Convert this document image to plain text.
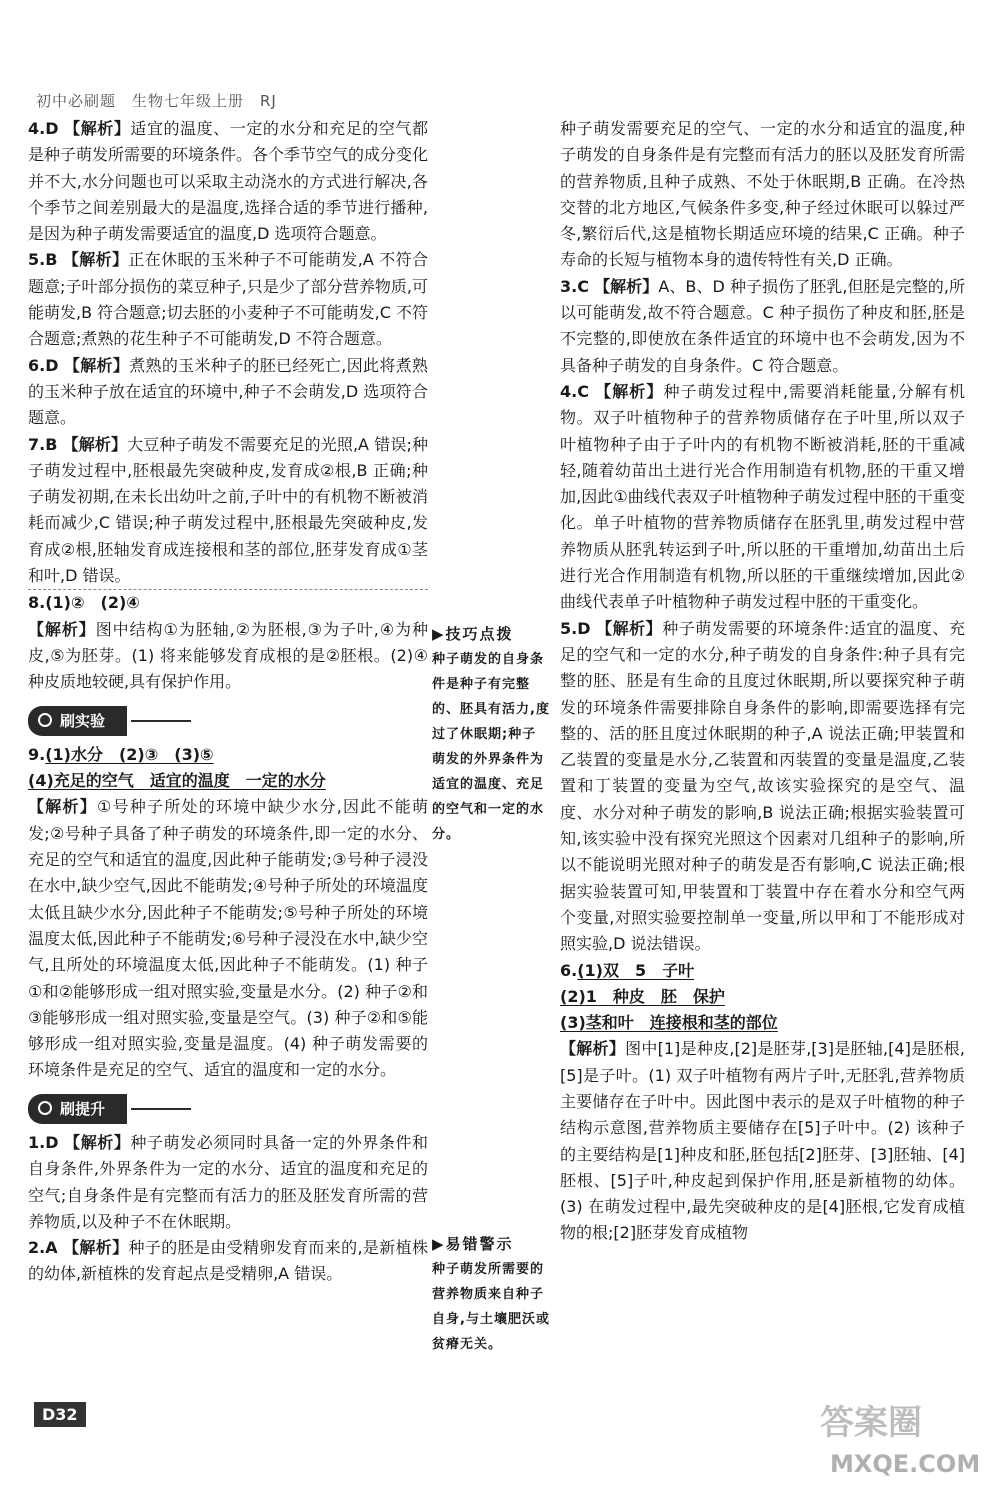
初中必刷题　生物七年级上册　RJ

4.D 【解析】适宜的温度、一定的水分和充足的空气都是种子萌发所需要的环境条件。各个季节空气的成分变化并不大,水分问题也可以采取主动浇水的方式进行解决,各个季节之间差别最大的是温度,选择合适的季节进行播种,是因为种子萌发需要适宜的温度,D 选项符合题意。

5.B 【解析】正在休眠的玉米种子不可能萌发,A 不符合题意;子叶部分损伤的菜豆种子,只是少了部分营养物质,可能萌发,B 符合题意;切去胚的小麦种子不可能萌发,C 不符合题意;煮熟的花生种子不可能萌发,D 不符合题意。

6.D 【解析】煮熟的玉米种子的胚已经死亡,因此将煮熟的玉米种子放在适宜的环境中,种子不会萌发,D 选项符合题意。

7.B 【解析】大豆种子萌发不需要充足的光照,A 错误;种子萌发过程中,胚根最先突破种皮,发育成②根,B 正确;种子萌发初期,在未长出幼叶之前,子叶中的有机物不断被消耗而减少,C 错误;种子萌发过程中,胚根最先突破种皮,发育成②根,胚轴发育成连接根和茎的部位,胚芽发育成①茎和叶,D 错误。

8.(1)②　(2)④

【解析】图中结构①为胚轴,②为胚根,③为子叶,④为种皮,⑤为胚芽。(1) 将来能够发育成根的是②胚根。(2)④种皮质地较硬,具有保护作用。

刷实验

9.(1)水分　(2)③　(3)⑤

(4)充足的空气　适宜的温度　一定的水分

【解析】①号种子所处的环境中缺少水分,因此不能萌发;②号种子具备了种子萌发的环境条件,即一定的水分、充足的空气和适宜的温度,因此种子能萌发;③号种子浸没在水中,缺少空气,因此不能萌发;④号种子所处的环境温度太低且缺少水分,因此种子不能萌发;⑤号种子所处的环境温度太低,因此种子不能萌发;⑥号种子浸没在水中,缺少空气,且所处的环境温度太低,因此种子不能萌发。(1) 种子①和②能够形成一组对照实验,变量是水分。(2) 种子②和③能够形成一组对照实验,变量是空气。(3) 种子②和⑤能够形成一组对照实验,变量是温度。(4) 种子萌发需要的环境条件是充足的空气、适宜的温度和一定的水分。

刷提升

1.D 【解析】种子萌发必须同时具备一定的外界条件和自身条件,外界条件为一定的水分、适宜的温度和充足的空气;自身条件是有完整而有活力的胚及胚发育所需的营养物质,以及种子不在休眠期。

2.A 【解析】种子的胚是由受精卵发育而来的,是新植株的幼体,新植株的发育起点是受精卵,A 错误。

▶技巧点拨
种子萌发的自身条件是种子有完整的、胚具有活力,度过了休眠期;种子萌发的外界条件为适宜的温度、充足的空气和一定的水分。
▶易错警示
种子萌发所需要的营养物质来自种子自身,与土壤肥沃或贫瘠无关。

种子萌发需要充足的空气、一定的水分和适宜的温度,种子萌发的自身条件是有完整而有活力的胚以及胚发育所需的营养物质,且种子成熟、不处于休眠期,B 正确。在冷热交替的北方地区,气候条件多变,种子经过休眠可以躲过严冬,繁衍后代,这是植物长期适应环境的结果,C 正确。种子寿命的长短与植物本身的遗传特性有关,D 正确。

3.C 【解析】A、B、D 种子损伤了胚乳,但胚是完整的,所以可能萌发,故不符合题意。C 种子损伤了种皮和胚,胚是不完整的,即使放在条件适宜的环境中也不会萌发,因为不具备种子萌发的自身条件。C 符合题意。

4.C 【解析】种子萌发过程中,需要消耗能量,分解有机物。双子叶植物种子的营养物质储存在子叶里,所以双子叶植物种子由于子叶内的有机物不断被消耗,胚的干重减轻,随着幼苗出土进行光合作用制造有机物,胚的干重又增加,因此①曲线代表双子叶植物种子萌发过程中胚的干重变化。单子叶植物的营养物质储存在胚乳里,萌发过程中营养物质从胚乳转运到子叶,所以胚的干重增加,幼苗出土后进行光合作用制造有机物,所以胚的干重继续增加,因此②曲线代表单子叶植物种子萌发过程中胚的干重变化。

5.D 【解析】种子萌发需要的环境条件:适宜的温度、充足的空气和一定的水分,种子萌发的自身条件:种子具有完整的胚、胚是有生命的且度过休眠期,所以要探究种子萌发的环境条件需要排除自身条件的影响,即需要选择有完整的、活的胚且度过休眠期的种子,A 说法正确;甲装置和乙装置的变量是水分,乙装置和丙装置的变量是温度,乙装置和丁装置的变量为空气,故该实验探究的是空气、温度、水分对种子萌发的影响,B 说法正确;根据实验装置可知,该实验中没有探究光照这个因素对几组种子的影响,所以不能说明光照对种子的萌发是否有影响,C 说法正确;根据实验装置可知,甲装置和丁装置中存在着水分和空气两个变量,对照实验要控制单一变量,所以甲和丁不能形成对照实验,D 说法错误。

6.(1)双　5　子叶

(2)1　种皮　胚　保护

(3)茎和叶　连接根和茎的部位

【解析】图中[1]是种皮,[2]是胚芽,[3]是胚轴,[4]是胚根,[5]是子叶。(1) 双子叶植物有两片子叶,无胚乳,营养物质主要储存在子叶中。因此图中表示的是双子叶植物的种子结构示意图,营养物质主要储存在[5]子叶中。(2) 该种子的主要结构是[1]种皮和胚,胚包括[2]胚芽、[3]胚轴、[4]胚根、[5]子叶,种皮起到保护作用,胚是新植物的幼体。(3) 在萌发过程中,最先突破种皮的是[4]胚根,它发育成植物的根;[2]胚芽发育成植物

D32	答案圈
MXQE.COM
